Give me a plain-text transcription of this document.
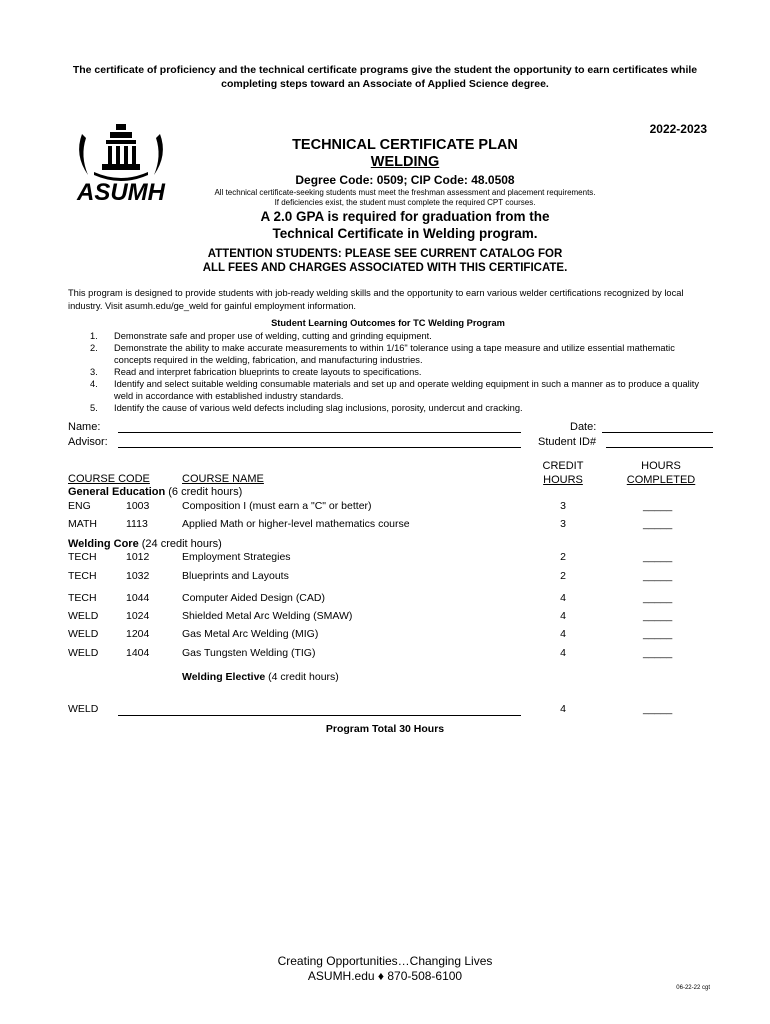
The certificate of proficiency and the technical certificate programs give the student the opportunity to earn certificates while completing steps toward an Associate of Applied Science degree.
2022-2023
ASUMH
TECHNICAL CERTIFICATE PLAN
WELDING
Degree Code: 0509; CIP Code: 48.0508
All technical certificate-seeking students must meet the freshman assessment and placement requirements.
If deficiencies exist, the student must complete the required CPT courses.
A 2.0 GPA is required for graduation from the
Technical Certificate in Welding program.
ATTENTION STUDENTS: PLEASE SEE CURRENT CATALOG FOR
ALL FEES AND CHARGES ASSOCIATED WITH THIS CERTIFICATE.
This program is designed to provide students with job-ready welding skills and the opportunity to earn various welder certifications recognized by local industry. Visit asumh.edu/ge_weld for gainful employment information.
Student Learning Outcomes for TC Welding Program
1. Demonstrate safe and proper use of welding, cutting and grinding equipment.
2. Demonstrate the ability to make accurate measurements to within 1/16" tolerance using a tape measure and utilize essential mathematic concepts required in the welding, fabrication, and manufacturing industries.
3. Read and interpret fabrication blueprints to create layouts to specifications.
4. Identify and select suitable welding consumable materials and set up and operate welding equipment in such a manner as to produce a quality weld in accordance with established industry standards.
5. Identify the cause of various weld defects including slag inclusions, porosity, undercut and cracking.
Name:
Advisor:
Date:
Student ID#
COURSE CODE	COURSE NAME
CREDIT
HOURS
HOURS
COMPLETED
General Education (6 credit hours)
ENG	1003	Composition I (must earn a "C" or better)	3	_____
MATH	1113	Applied Math or higher-level mathematics course	3	_____
Welding Core (24 credit hours)
TECH	1012	Employment Strategies	2	_____
TECH	1032	Blueprints and Layouts	2	_____
TECH	1044	Computer Aided Design (CAD)	4	_____
WELD	1024	Shielded Metal Arc Welding (SMAW)	4	_____
WELD	1204	Gas Metal Arc Welding (MIG)	4	_____
WELD	1404	Gas Tungsten Welding (TIG)	4	_____
Welding Elective (4 credit hours)
WELD	4	_____
Program Total 30 Hours
Creating Opportunities…Changing Lives
ASUMH.edu ♦ 870-508-6100
06-22-22 cgt
